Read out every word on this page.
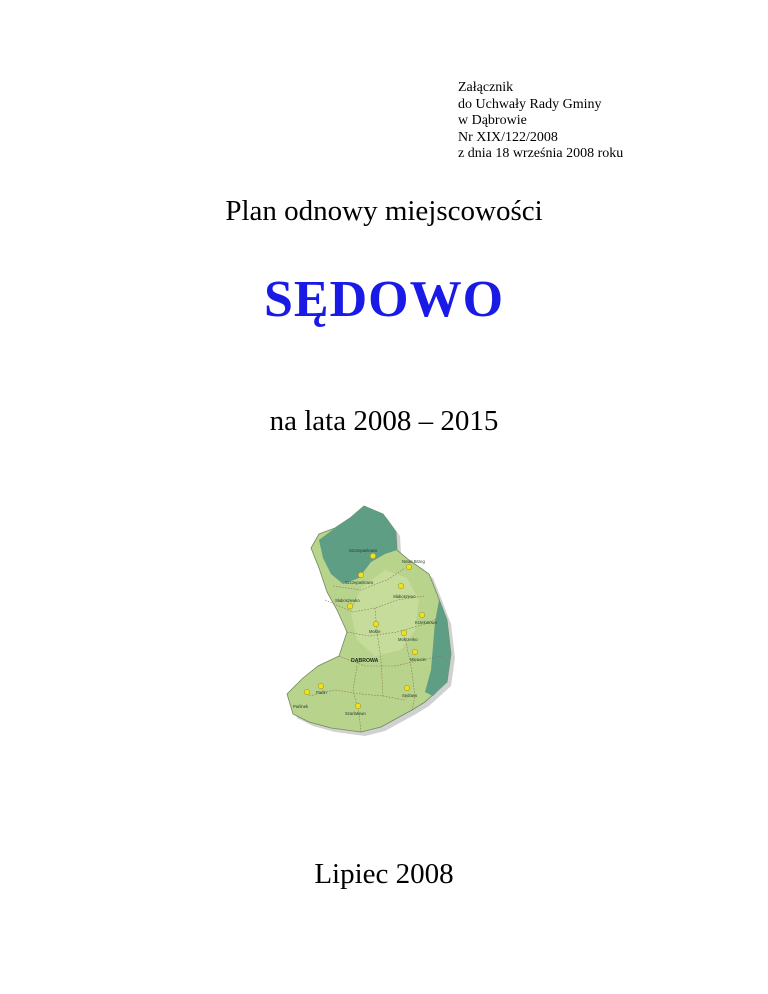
Załącznik
do Uchwały Rady Gminy
w Dąbrowie
Nr XIX/122/2008
z dnia 18 września 2008 roku
Plan odnowy miejscowości
SĘDOWO
na lata 2008 – 2015
Szczepankowo
Nowe Brzeg
Szczepankowo
Słaboszewo
Słaboszewko
Krzekotowo
Mokre
Mokrzerko
DĄBROWA	Mierucin
Parlin
Sędowo
Parlinek
Szarlatowo
Lipiec 2008
